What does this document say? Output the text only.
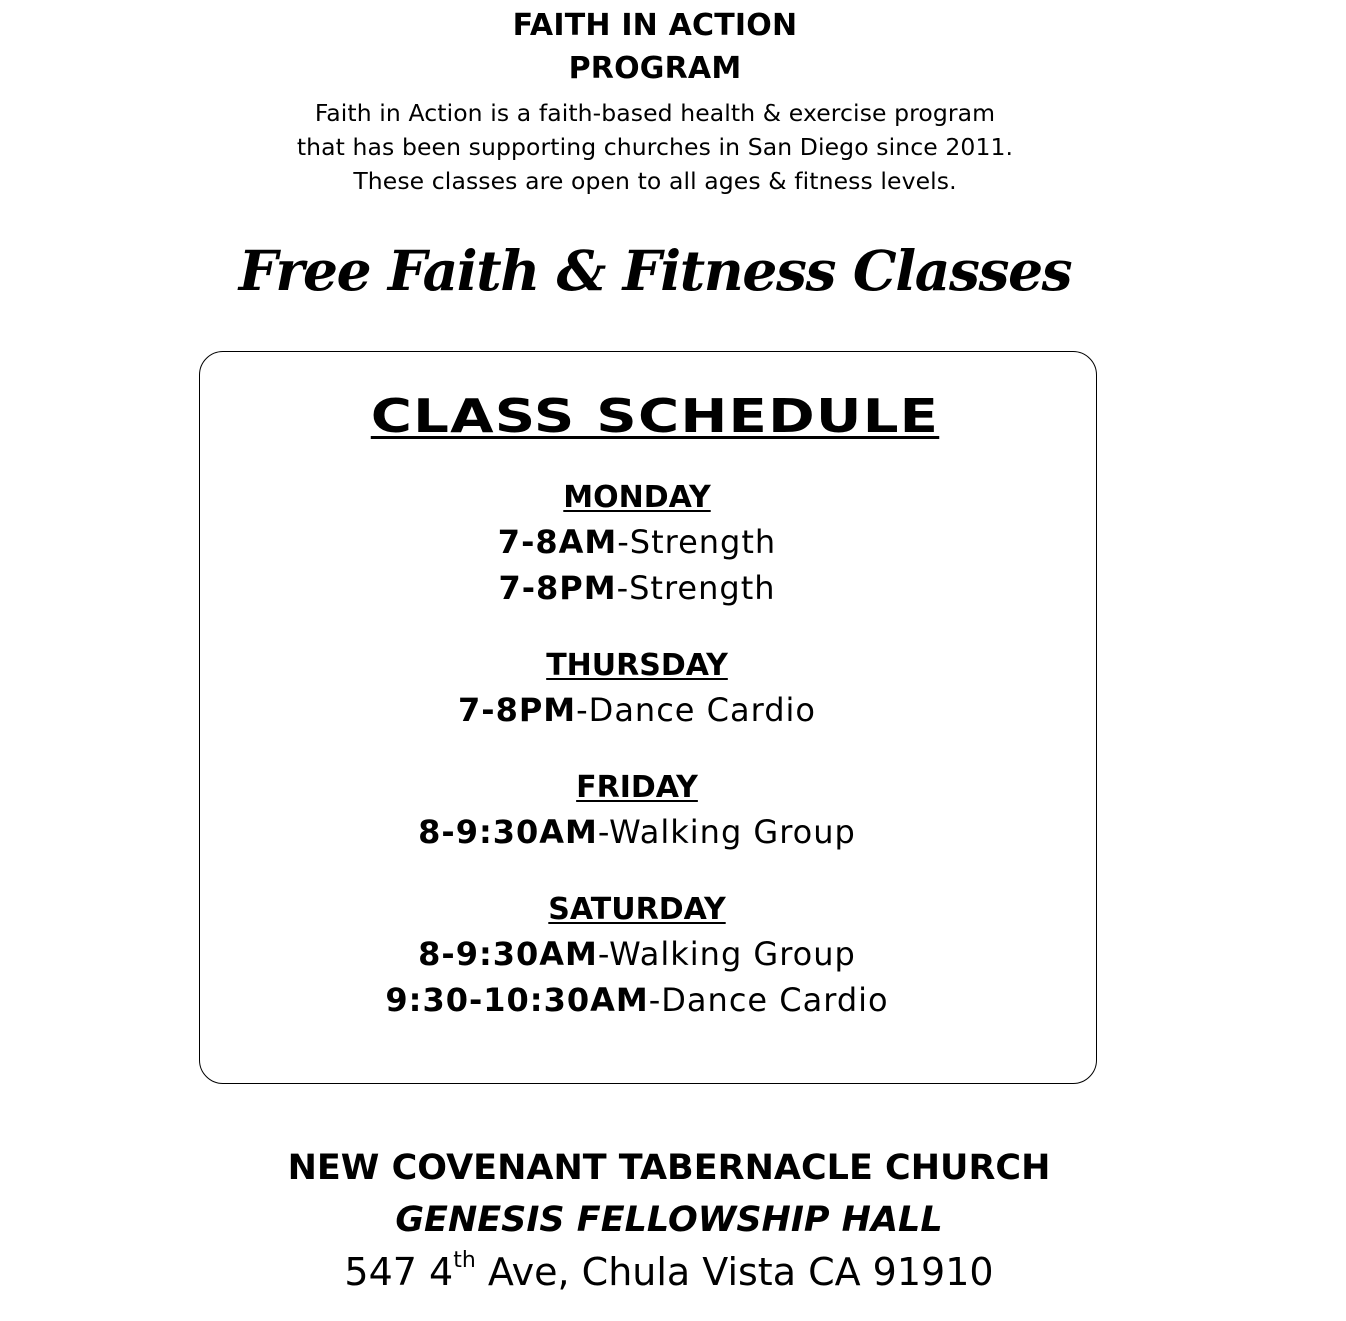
FAITH IN ACTION
PROGRAM
Faith in Action is a faith-based health & exercise program
that has been supporting churches in San Diego since 2011.
These classes are open to all ages & fitness levels.
Free Faith & Fitness Classes
CLASS SCHEDULE
MONDAY
7-8AM-Strength
7-8PM-Strength
THURSDAY
7-8PM-Dance Cardio
FRIDAY
8-9:30AM-Walking Group
SATURDAY
8-9:30AM-Walking Group
9:30-10:30AM-Dance Cardio
NEW COVENANT TABERNACLE CHURCH
GENESIS FELLOWSHIP HALL
547 4th Ave, Chula Vista CA 91910
